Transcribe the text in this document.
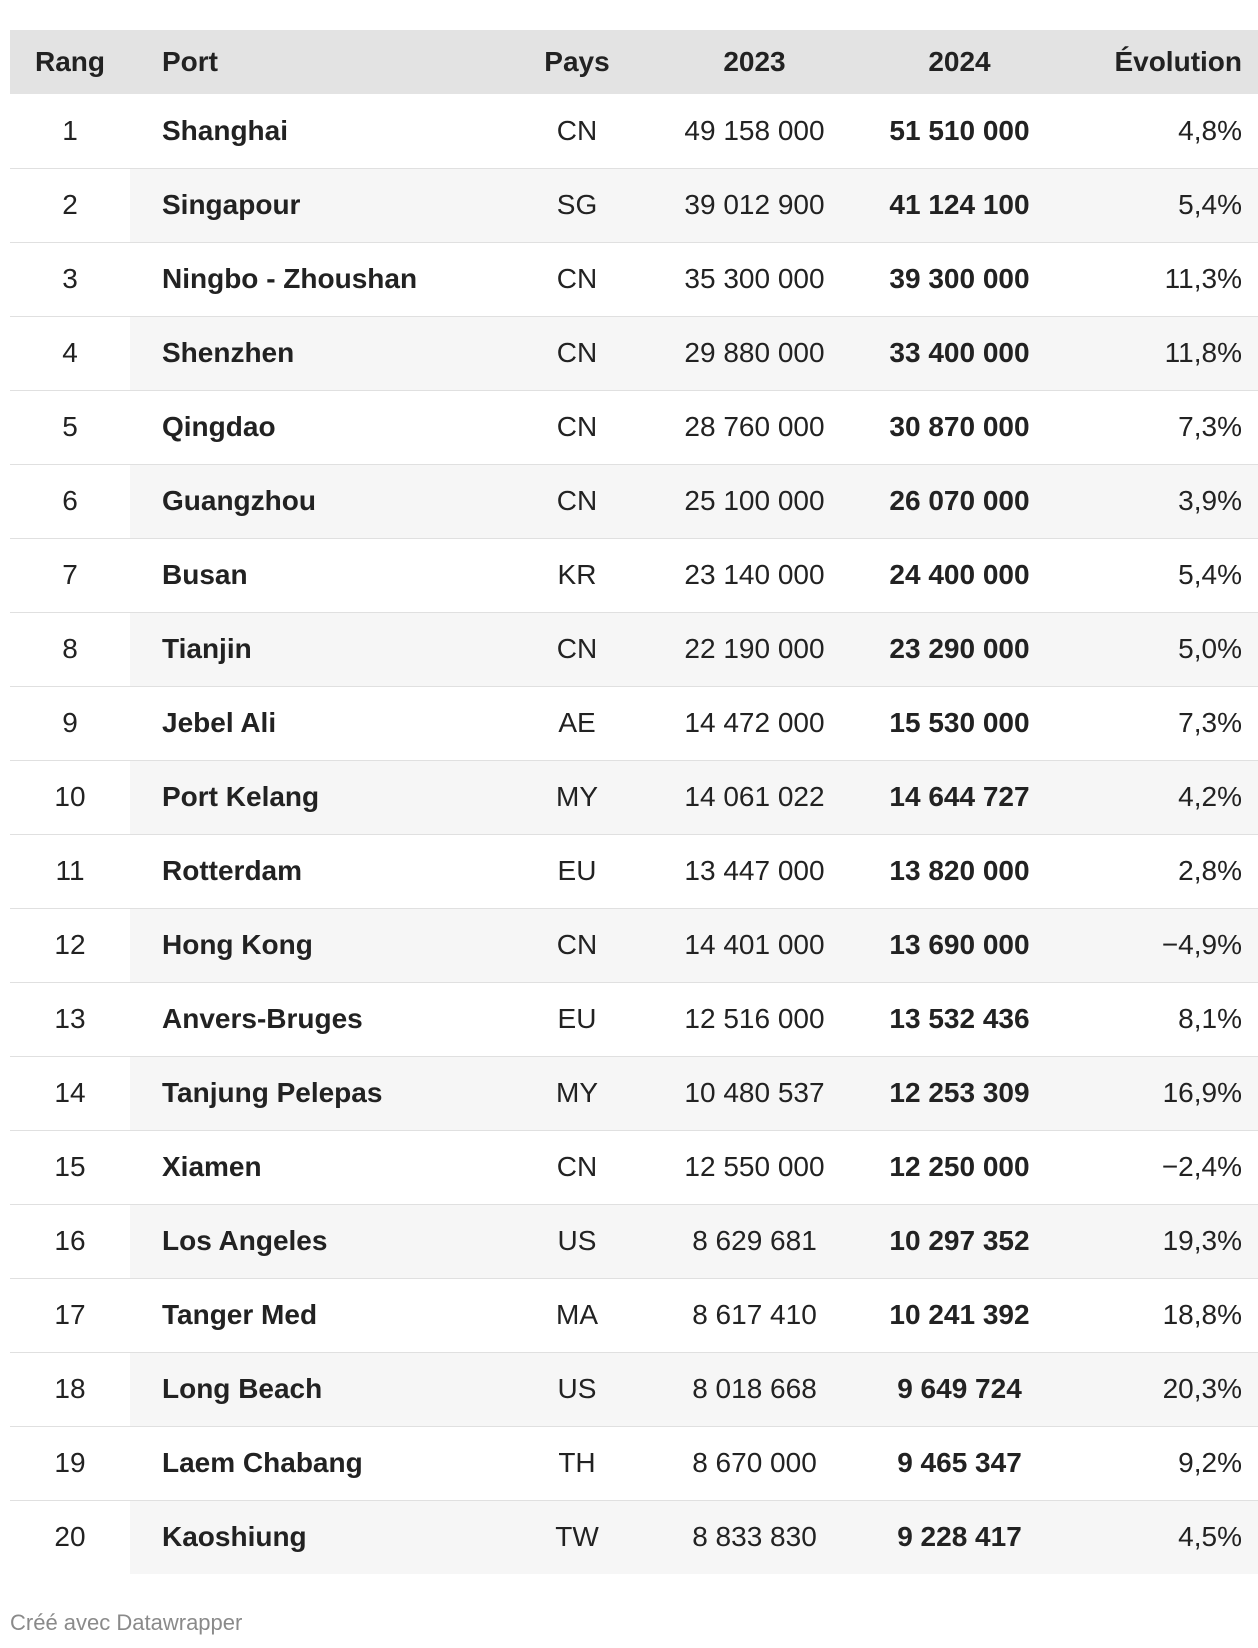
Rang	Port	Pays	2023	2024	Évolution
1	Shanghai	CN	49 158 000	51 510 000	4,8%
2	Singapour	SG	39 012 900	41 124 100	5,4%
3	Ningbo - Zhoushan	CN	35 300 000	39 300 000	11,3%
4	Shenzhen	CN	29 880 000	33 400 000	11,8%
5	Qingdao	CN	28 760 000	30 870 000	7,3%
6	Guangzhou	CN	25 100 000	26 070 000	3,9%
7	Busan	KR	23 140 000	24 400 000	5,4%
8	Tianjin	CN	22 190 000	23 290 000	5,0%
9	Jebel Ali	AE	14 472 000	15 530 000	7,3%
10	Port Kelang	MY	14 061 022	14 644 727	4,2%
11	Rotterdam	EU	13 447 000	13 820 000	2,8%
12	Hong Kong	CN	14 401 000	13 690 000	−4,9%
13	Anvers-Bruges	EU	12 516 000	13 532 436	8,1%
14	Tanjung Pelepas	MY	10 480 537	12 253 309	16,9%
15	Xiamen	CN	12 550 000	12 250 000	−2,4%
16	Los Angeles	US	8 629 681	10 297 352	19,3%
17	Tanger Med	MA	8 617 410	10 241 392	18,8%
18	Long Beach	US	8 018 668	9 649 724	20,3%
19	Laem Chabang	TH	8 670 000	9 465 347	9,2%
20	Kaoshiung	TW	8 833 830	9 228 417	4,5%
Créé avec Datawrapper
